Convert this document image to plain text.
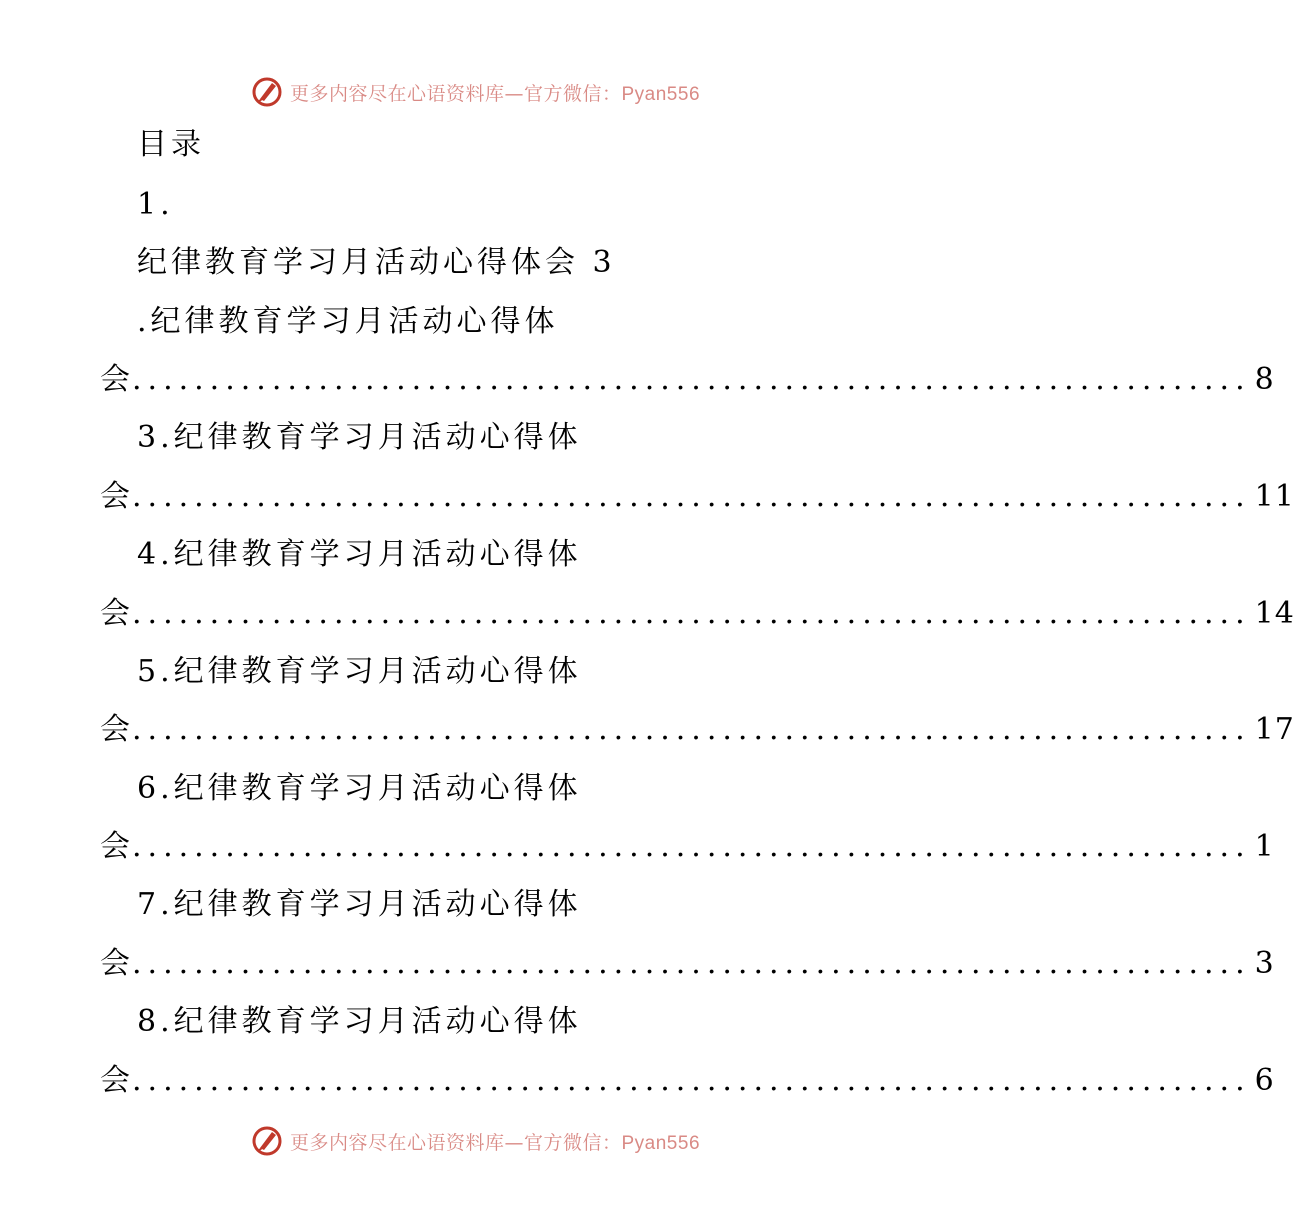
更多内容尽在心语资料库—官方微信：Pyan556
目录
1.
纪律教育学习月活动心得体会 3
.纪律教育学习月活动心得体
会 ........................................................................ 8
3.纪律教育学习月活动心得体
会 ........................................................................ 11
4.纪律教育学习月活动心得体
会 ........................................................................ 14
5.纪律教育学习月活动心得体
会 ........................................................................ 17
6.纪律教育学习月活动心得体
会 ........................................................................ 1
7.纪律教育学习月活动心得体
会 ........................................................................ 3
8.纪律教育学习月活动心得体
会 ........................................................................ 6
更多内容尽在心语资料库—官方微信：Pyan556
